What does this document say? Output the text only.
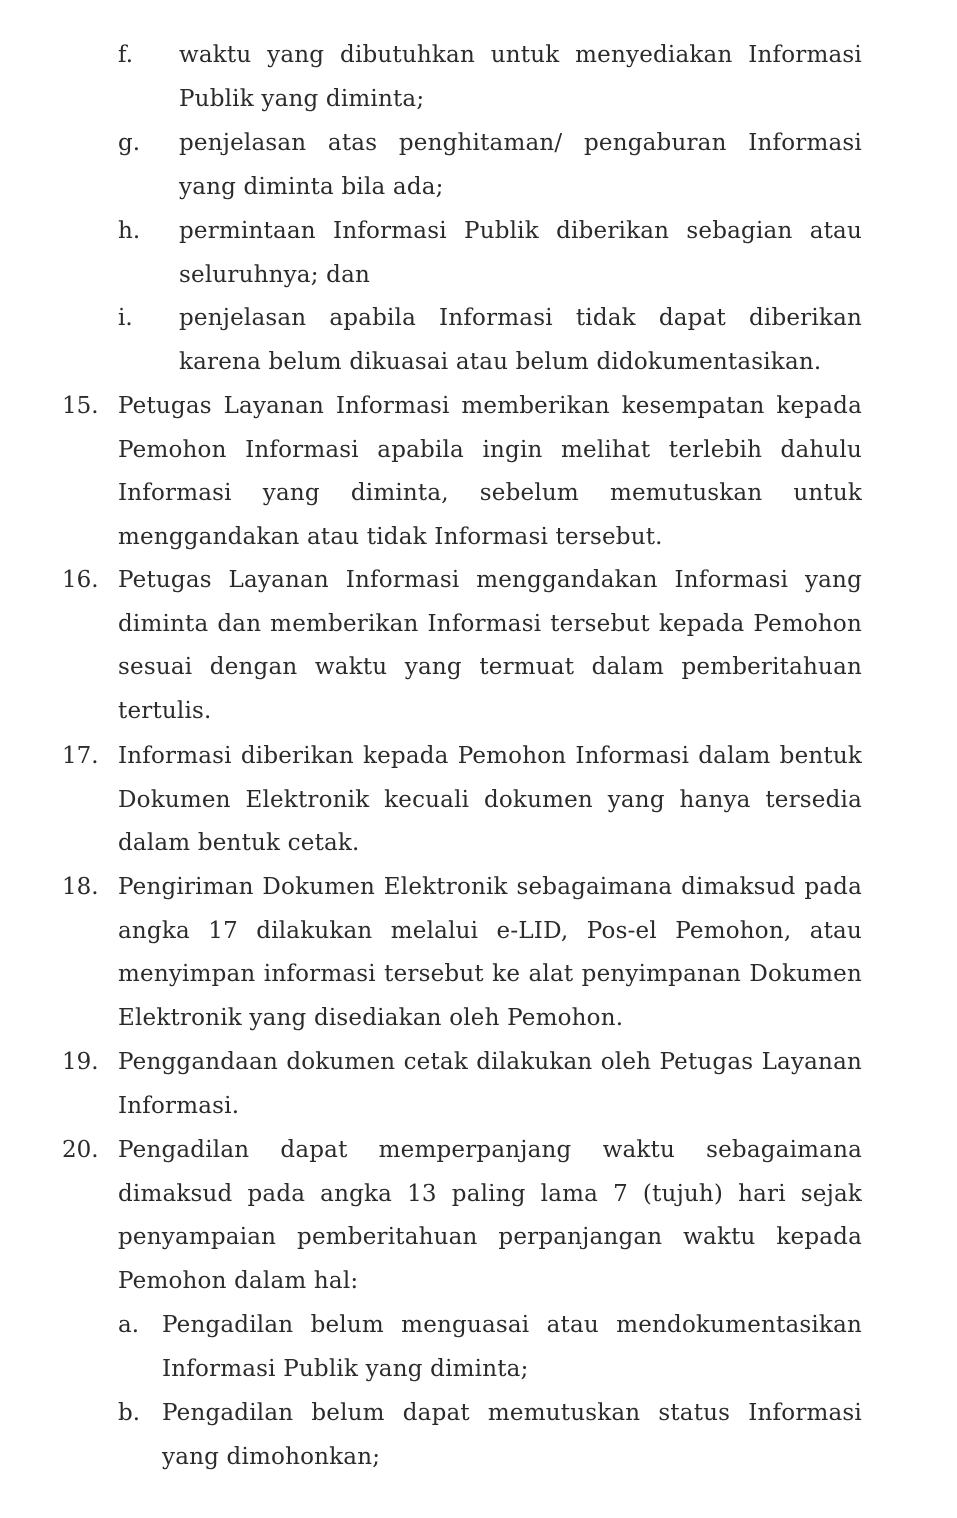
f. waktu yang dibutuhkan untuk menyediakan Informasi Publik yang diminta;
g. penjelasan atas penghitaman/ pengaburan Informasi yang diminta bila ada;
h. permintaan Informasi Publik diberikan sebagian atau seluruhnya; dan
i. penjelasan apabila Informasi tidak dapat diberikan karena belum dikuasai atau belum didokumentasikan.
15. Petugas Layanan Informasi memberikan kesempatan kepada Pemohon Informasi apabila ingin melihat terlebih dahulu Informasi yang diminta, sebelum memutuskan untuk menggandakan atau tidak Informasi tersebut.
16. Petugas Layanan Informasi menggandakan Informasi yang diminta dan memberikan Informasi tersebut kepada Pemohon sesuai dengan waktu yang termuat dalam pemberitahuan tertulis.
17. Informasi diberikan kepada Pemohon Informasi dalam bentuk Dokumen Elektronik kecuali dokumen yang hanya tersedia dalam bentuk cetak.
18. Pengiriman Dokumen Elektronik sebagaimana dimaksud pada angka 17 dilakukan melalui e-LID, Pos-el Pemohon, atau menyimpan informasi tersebut ke alat penyimpanan Dokumen Elektronik yang disediakan oleh Pemohon.
19. Penggandaan dokumen cetak dilakukan oleh Petugas Layanan Informasi.
20. Pengadilan dapat memperpanjang waktu sebagaimana dimaksud pada angka 13 paling lama 7 (tujuh) hari sejak penyampaian pemberitahuan perpanjangan waktu kepada Pemohon dalam hal:
a. Pengadilan belum menguasai atau mendokumentasikan Informasi Publik yang diminta;
b. Pengadilan belum dapat memutuskan status Informasi yang dimohonkan;
